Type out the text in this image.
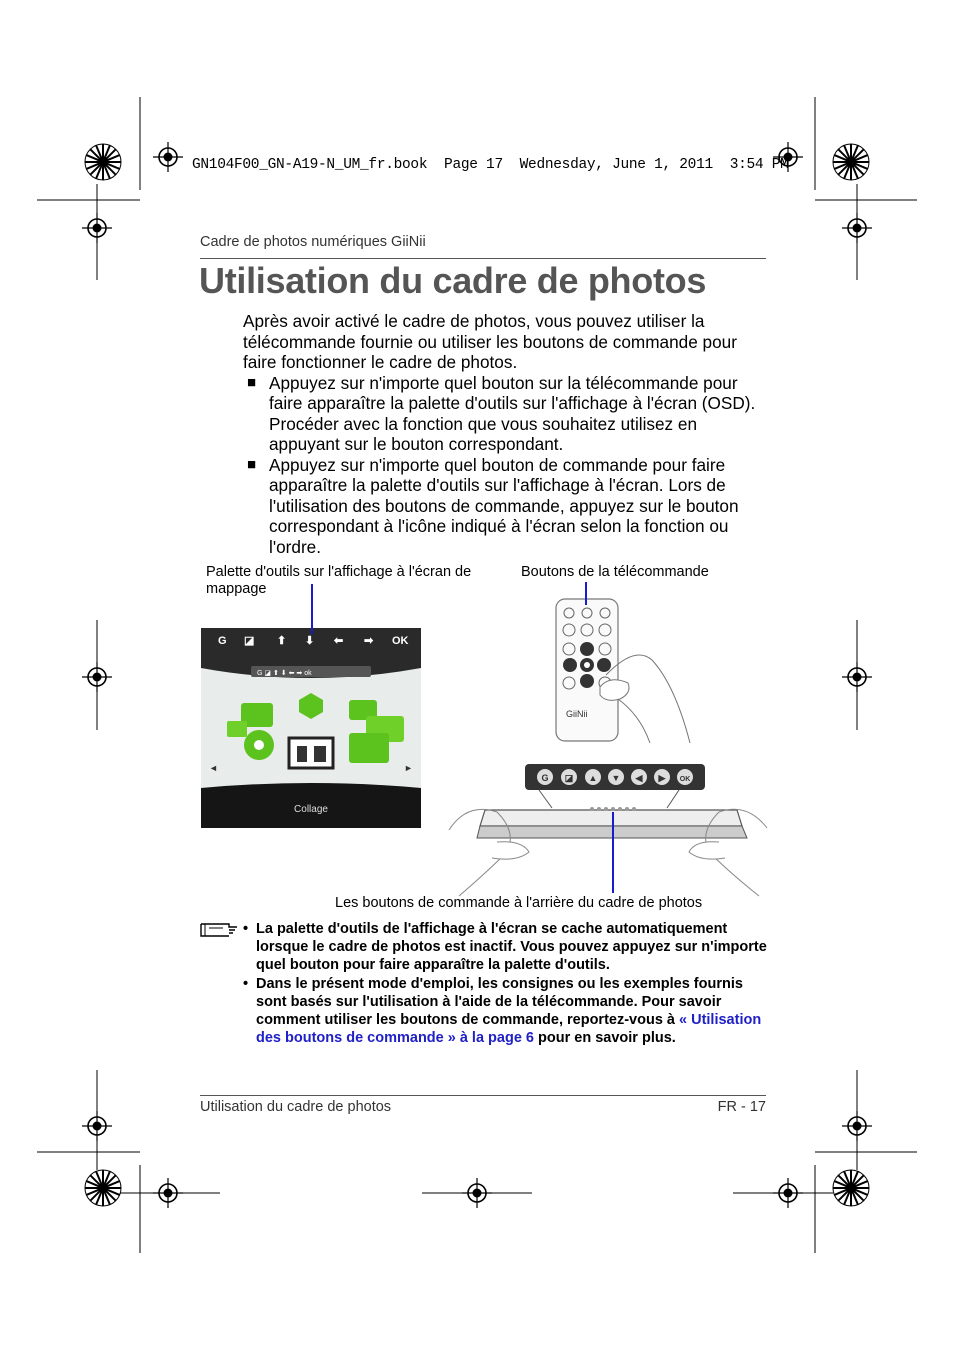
GN104F00_GN-A19-N_UM_fr.book  Page 17  Wednesday, June 1, 2011  3:54 PM
Cadre de photos numériques GiiNii
Utilisation du cadre de photos
Après avoir activé le cadre de photos, vous pouvez utiliser la télécommande fournie ou utiliser les boutons de commande pour faire fonctionner le cadre de photos.
■ Appuyez sur n'importe quel bouton sur la télécommande pour faire apparaître la palette d'outils sur l'affichage à l'écran (OSD). Procéder avec la fonction que vous souhaitez utilisez en appuyant sur le bouton correspondant.
■ Appuyez sur n'importe quel bouton de commande pour faire apparaître la palette d'outils sur l'affichage à l'écran. Lors de l'utilisation des boutons de commande, appuyez sur le bouton correspondant à l'icône indiqué à l'écran selon la fonction ou l'ordre.
Palette d'outils sur l'affichage à l'écran de mappage
Boutons de la télécommande
Les boutons de commande à l'arrière du cadre de photos
G ◪ ⬆ ⬇ ⬅ ➡ OK
G ◪ ⬆ ⬇ ⬅ ➡ ok
◄	►
Collage
GiiNii
G ◪ ▲ ▼ ◀ ▶ OK
• La palette d'outils de l'affichage à l'écran se cache automatiquement lorsque le cadre de photos est inactif. Vous pouvez appuyez sur n'importe quel bouton pour faire apparaître la palette d'outils.
• Dans le présent mode d'emploi, les consignes ou les exemples fournis sont basés sur l'utilisation à l'aide de la télécommande. Pour savoir comment utiliser les boutons de commande, reportez-vous à « Utilisation des boutons de commande » à la page 6 pour en savoir plus.
Utilisation du cadre de photos	FR - 17
